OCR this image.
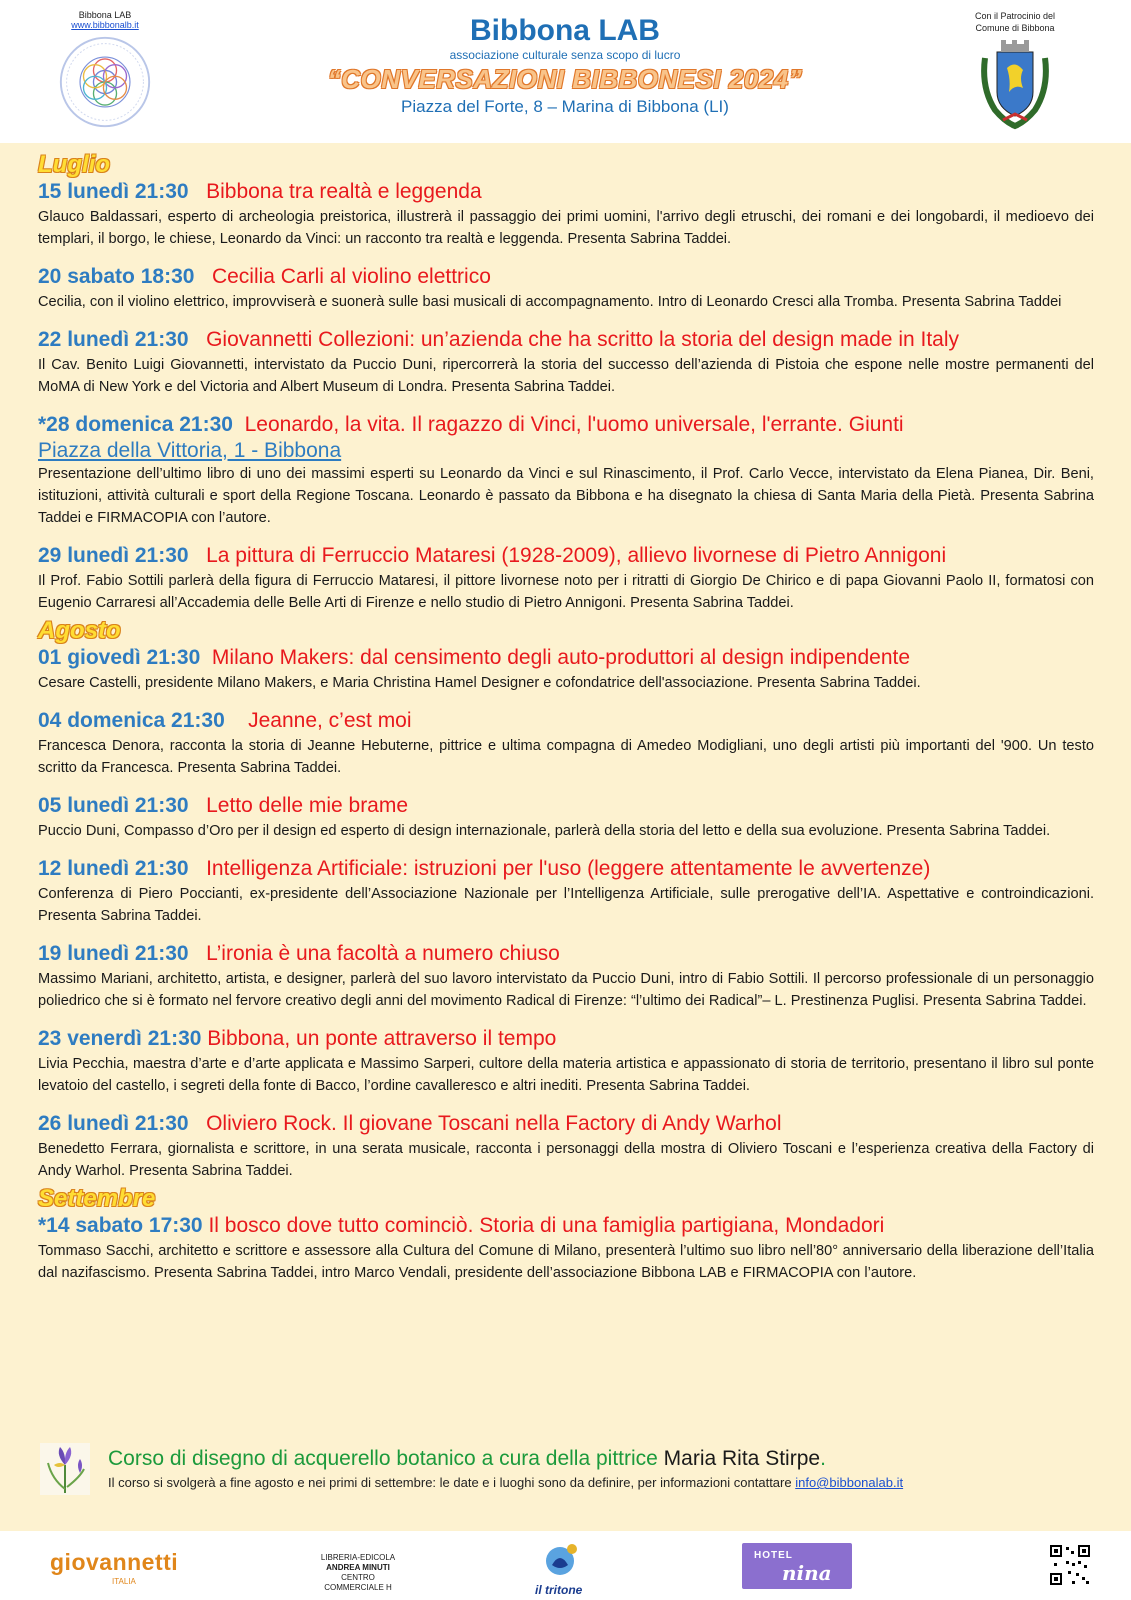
Bibbona LAB
www.bibbonalb.it	Bibbona LAB
associazione culturale senza scopo di lucro
“CONVERSAZIONI BIBBONESI 2024”
Piazza del Forte, 8 – Marina di Bibbona (LI)
Con il Patrocinio del
Comune di Bibbona
Luglio
15 lunedì 21:30 Bibbona tra realtà e leggenda
Glauco Baldassari, esperto di archeologia preistorica, illustrerà il passaggio dei primi uomini, l'arrivo degli etruschi, dei romani e dei longobardi, il medioevo dei templari, il borgo, le chiese, Leonardo da Vinci: un racconto tra realtà e leggenda. Presenta Sabrina Taddei.
20 sabato 18:30 Cecilia Carli al violino elettrico
Cecilia, con il violino elettrico, improvviserà e suonerà sulle basi musicali di accompagnamento. Intro di Leonardo Cresci alla Tromba. Presenta Sabrina Taddei
22 lunedì 21:30 Giovannetti Collezioni: un’azienda che ha scritto la storia del design made in Italy
Il Cav. Benito Luigi Giovannetti, intervistato da Puccio Duni, ripercorrerà la storia del successo dell’azienda di Pistoia che espone nelle mostre permanenti del MoMA di New York e del Victoria and Albert Museum di Londra. Presenta Sabrina Taddei.
*28 domenica 21:30 Leonardo, la vita. Il ragazzo di Vinci, l'uomo universale, l'errante. Giunti
Piazza della Vittoria, 1 - Bibbona
Presentazione dell’ultimo libro di uno dei massimi esperti su Leonardo da Vinci e sul Rinascimento, il Prof. Carlo Vecce, intervistato da Elena Pianea, Dir. Beni, istituzioni, attività culturali e sport della Regione Toscana. Leonardo è passato da Bibbona e ha disegnato la chiesa di Santa Maria della Pietà. Presenta Sabrina Taddei e FIRMACOPIA con l’autore.
29 lunedì 21:30 La pittura di Ferruccio Mataresi (1928-2009), allievo livornese di Pietro Annigoni
Il Prof. Fabio Sottili parlerà della figura di Ferruccio Mataresi, il pittore livornese noto per i ritratti di Giorgio De Chirico e di papa Giovanni Paolo II, formatosi con Eugenio Carraresi all’Accademia delle Belle Arti di Firenze e nello studio di Pietro Annigoni. Presenta Sabrina Taddei.
Agosto
01 giovedì 21:30 Milano Makers: dal censimento degli auto-produttori al design indipendente
Cesare Castelli, presidente Milano Makers, e Maria Christina Hamel Designer e cofondatrice dell'associazione. Presenta Sabrina Taddei.
04 domenica 21:30 Jeanne, c’est moi
Francesca Denora, racconta la storia di Jeanne Hebuterne, pittrice e ultima compagna di Amedeo Modigliani, uno degli artisti più importanti del '900. Un testo scritto da Francesca. Presenta Sabrina Taddei.
05 lunedì 21:30 Letto delle mie brame
Puccio Duni, Compasso d’Oro per il design ed esperto di design internazionale, parlerà della storia del letto e della sua evoluzione. Presenta Sabrina Taddei.
12 lunedì 21:30 Intelligenza Artificiale: istruzioni per l'uso (leggere attentamente le avvertenze)
Conferenza di Piero Poccianti, ex-presidente dell’Associazione Nazionale per l’Intelligenza Artificiale, sulle prerogative dell’IA. Aspettative e controindicazioni. Presenta Sabrina Taddei.
19 lunedì 21:30 L’ironia è una facoltà a numero chiuso
Massimo Mariani, architetto, artista, e designer, parlerà del suo lavoro intervistato da Puccio Duni, intro di Fabio Sottili. Il percorso professionale di un personaggio poliedrico che si è formato nel fervore creativo degli anni del movimento Radical di Firenze: “l’ultimo dei Radical”– L. Prestinenza Puglisi. Presenta Sabrina Taddei.
23 venerdì 21:30 Bibbona, un ponte attraverso il tempo
Livia Pecchia, maestra d’arte e d’arte applicata e Massimo Sarperi, cultore della materia artistica e appassionato di storia de territorio, presentano il libro sul ponte levatoio del castello, i segreti della fonte di Bacco, l’ordine cavalleresco e altri inediti. Presenta Sabrina Taddei.
26 lunedì 21:30 Oliviero Rock. Il giovane Toscani nella Factory di Andy Warhol
Benedetto Ferrara, giornalista e scrittore, in una serata musicale, racconta i personaggi della mostra di Oliviero Toscani e l’esperienza creativa della Factory di Andy Warhol. Presenta Sabrina Taddei.
Settembre
*14 sabato 17:30 Il bosco dove tutto cominciò. Storia di una famiglia partigiana, Mondadori
Tommaso Sacchi, architetto e scrittore e assessore alla Cultura del Comune di Milano, presenterà l’ultimo suo libro nell’80° anniversario della liberazione dell’Italia dal nazifascismo. Presenta Sabrina Taddei, intro Marco Vendali, presidente dell’associazione Bibbona LAB e FIRMACOPIA con l’autore.
Corso di disegno di acquerello botanico a cura della pittrice Maria Rita Stirpe.
Il corso si svolgerà a fine agosto e nei primi di settembre: le date e i luoghi sono da definire, per informazioni contattare info@bibbonalab.it
giovannetti
ITALIA
LIBRERIA-EDICOLA
ANDREA MINUTI
CENTRO COMMERCIALE H	il tritone
HOTEL
nina
